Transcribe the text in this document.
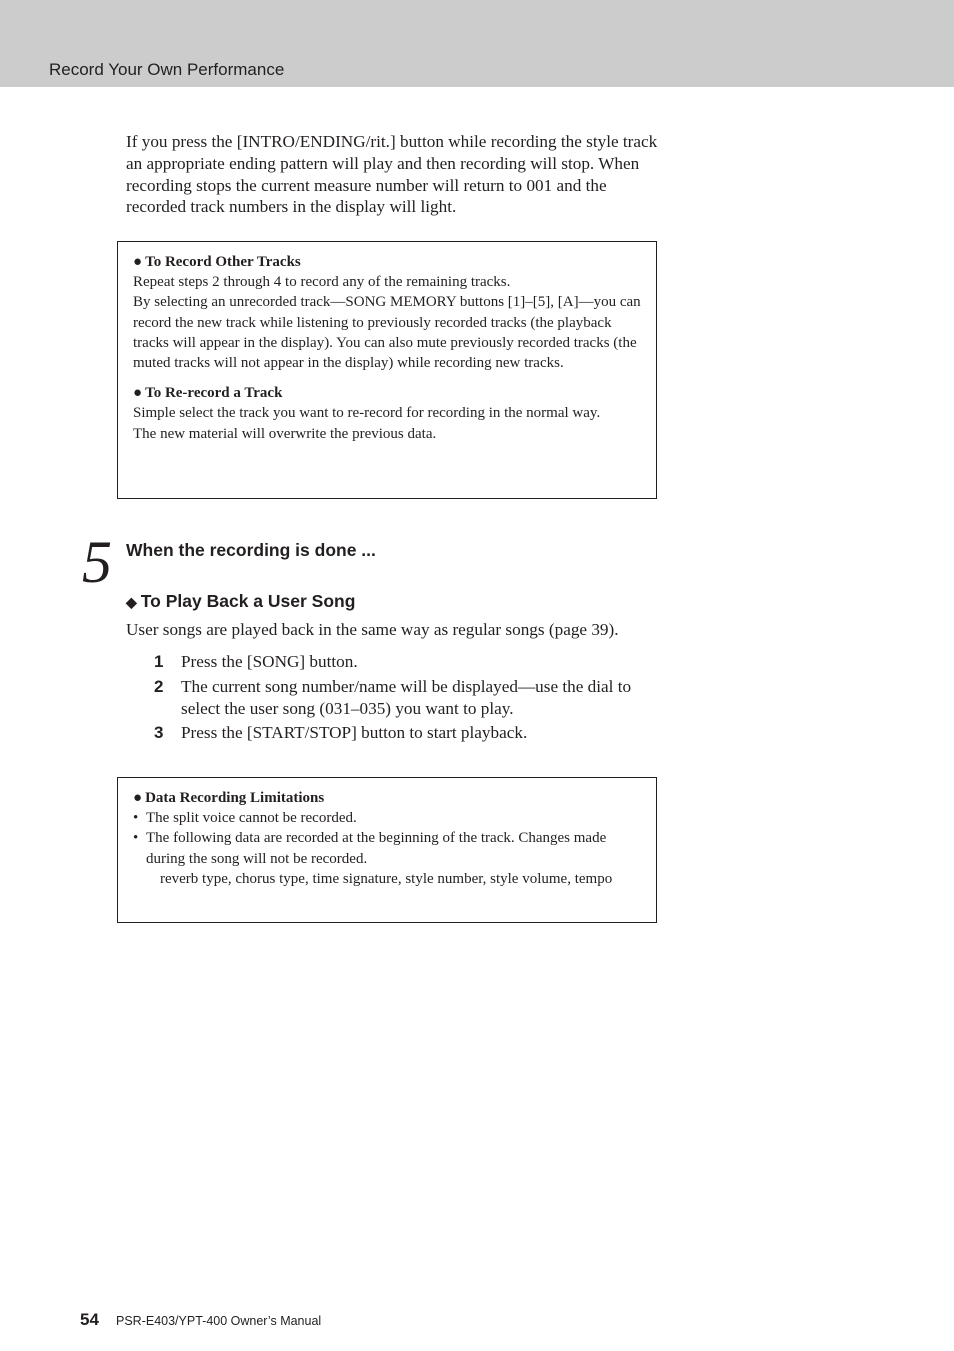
Record Your Own Performance

If you press the [INTRO/ENDING/rit.] button while recording the style track an appropriate ending pattern will play and then recording will stop. When recording stops the current measure number will return to 001 and the recorded track numbers in the display will light.

● To Record Other Tracks

Repeat steps 2 through 4 to record any of the remaining tracks.

By selecting an unrecorded track—SONG MEMORY buttons [1]–[5], [A]—you can record the new track while listening to previously recorded tracks (the playback tracks will appear in the display). You can also mute previously recorded tracks (the muted tracks will not appear in the display) while recording new tracks.

● To Re-record a Track

Simple select the track you want to re-record for recording in the normal way.

The new material will overwrite the previous data.

5 When the recording is done ...
◆ To Play Back a User Song

User songs are played back in the same way as regular songs (page 39).

1	Press the [SONG] button.
2	The current song number/name will be displayed—use the dial to select the user song (031–035) you want to play.
3	Press the [START/STOP] button to start playback.

● Data Recording Limitations

• The split voice cannot be recorded.
• The following data are recorded at the beginning of the track. Changes made during the song will not be recorded.

reverb type, chorus type, time signature, style number, style volume, tempo

54 PSR-E403/YPT-400 Owner’s Manual
